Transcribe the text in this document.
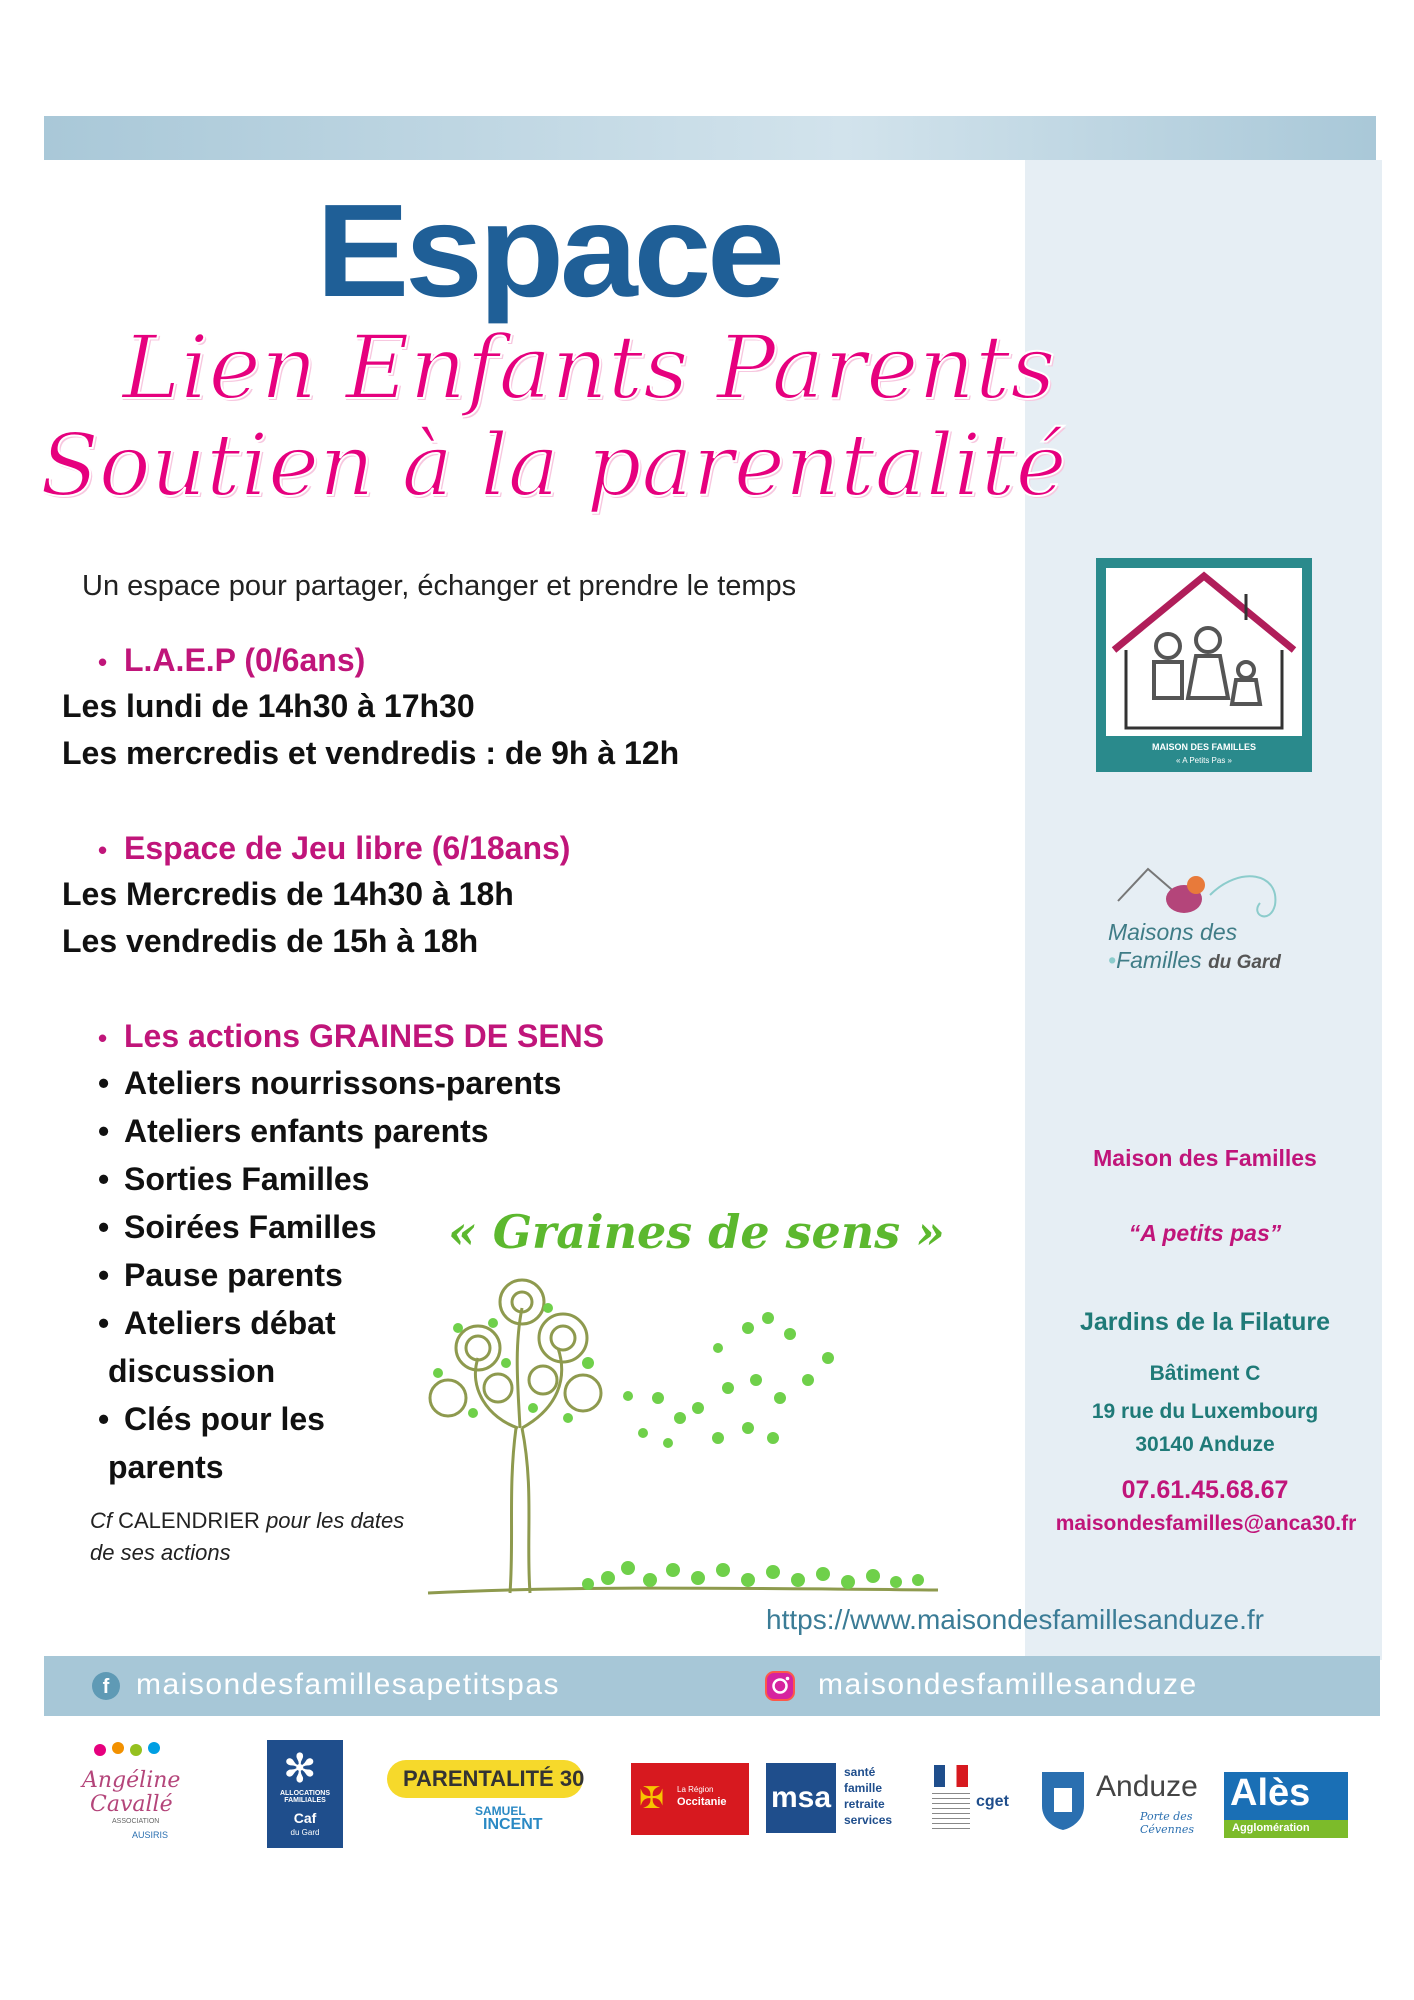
Espace
Lien Enfants Parents
Soutien à la parentalité
Un espace pour partager, échanger et prendre le temps
• L.A.E.P (0/6ans)
Les lundi de 14h30 à 17h30
Les mercredis et vendredis : de 9h à 12h
• Espace de Jeu libre (6/18ans)
Les Mercredis de 14h30 à 18h
Les vendredis de 15h à 18h
• Les actions GRAINES DE SENS
• Ateliers nourrissons-parents
• Ateliers enfants parents
• Sorties Familles
• Soirées Familles
• Pause parents
• Ateliers débat
discussion
• Clés pour les
parents
Cf CALENDRIER pour les dates
de ses actions
« Graines de sens »
MAISON DES FAMILLES
« A Petits Pas »
Maisons des
•Familles du Gard
Maison des Familles
“A petits pas”
Jardins de la Filature
Bâtiment C
19 rue du Luxembourg
30140 Anduze
07.61.45.68.67
maisondesfamilles@anca30.fr
https://www.maisondesfamillesanduze.fr
f maisondesfamillesapetitspas	maisondesfamillesanduze
Angéline
Cavallé
ASSOCIATION
AUSIRIS
✻
ALLOCATIONS FAMILIALES
Caf
du Gard
PARENTALITÉ 30
SAMUEL
INCENT
✠ La Région
Occitanie msa
santé
famille
retraite
services
cget	Anduze
Porte des Cévennes
Alès
Agglomération
